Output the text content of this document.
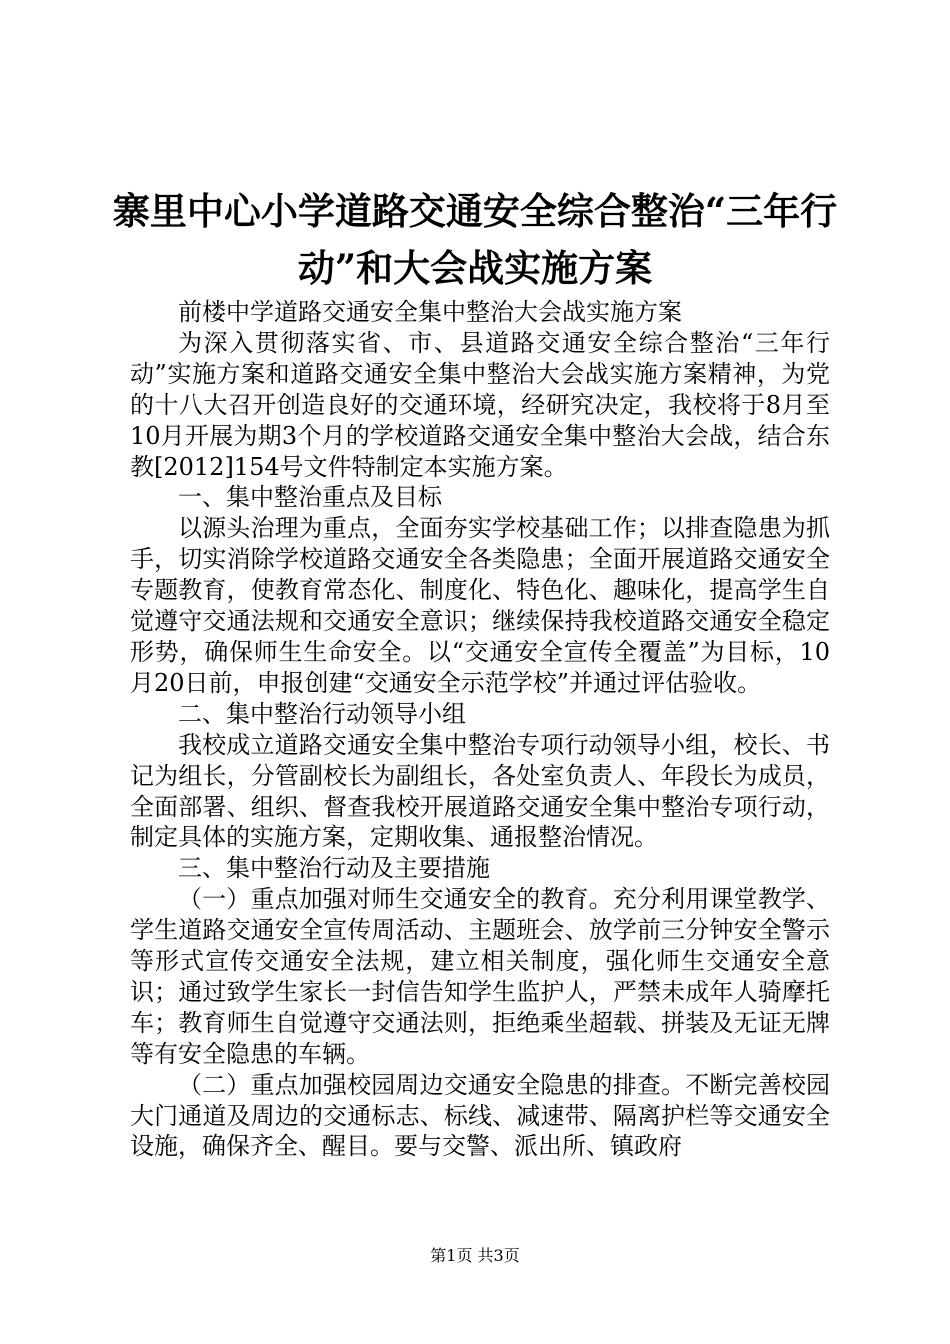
寨里中心小学道路交通安全综合整治“三年行
动”和大会战实施方案

前楼中学道路交通安全集中整治大会战实施方案

为深入贯彻落实省、市、县道路交通安全综合整治“三年行动”实施方案和道路交通安全集中整治大会战实施方案精神，为党的十八大召开创造良好的交通环境，经研究决定，我校将于8月至10月开展为期3个月的学校道路交通安全集中整治大会战，结合东教[2012]154号文件特制定本实施方案。

一、集中整治重点及目标

以源头治理为重点，全面夯实学校基础工作；以排查隐患为抓手，切实消除学校道路交通安全各类隐患；全面开展道路交通安全专题教育，使教育常态化、制度化、特色化、趣味化，提高学生自觉遵守交通法规和交通安全意识；继续保持我校道路交通安全稳定形势，确保师生生命安全。以“交通安全宣传全覆盖”为目标，10月20日前，申报创建“交通安全示范学校”并通过评估验收。

二、集中整治行动领导小组

我校成立道路交通安全集中整治专项行动领导小组，校长、书记为组长，分管副校长为副组长，各处室负责人、年段长为成员，全面部署、组织、督查我校开展道路交通安全集中整治专项行动，制定具体的实施方案，定期收集、通报整治情况。

三、集中整治行动及主要措施

（一）重点加强对师生交通安全的教育。充分利用课堂教学、学生道路交通安全宣传周活动、主题班会、放学前三分钟安全警示等形式宣传交通安全法规，建立相关制度，强化师生交通安全意识；通过致学生家长一封信告知学生监护人，严禁未成年人骑摩托车；教育师生自觉遵守交通法则，拒绝乘坐超载、拼装及无证无牌等有安全隐患的车辆。

（二）重点加强校园周边交通安全隐患的排查。不断完善校园大门通道及周边的交通标志、标线、减速带、隔离护栏等交通安全设施，确保齐全、醒目。要与交警、派出所、镇政府

第1页 共3页
